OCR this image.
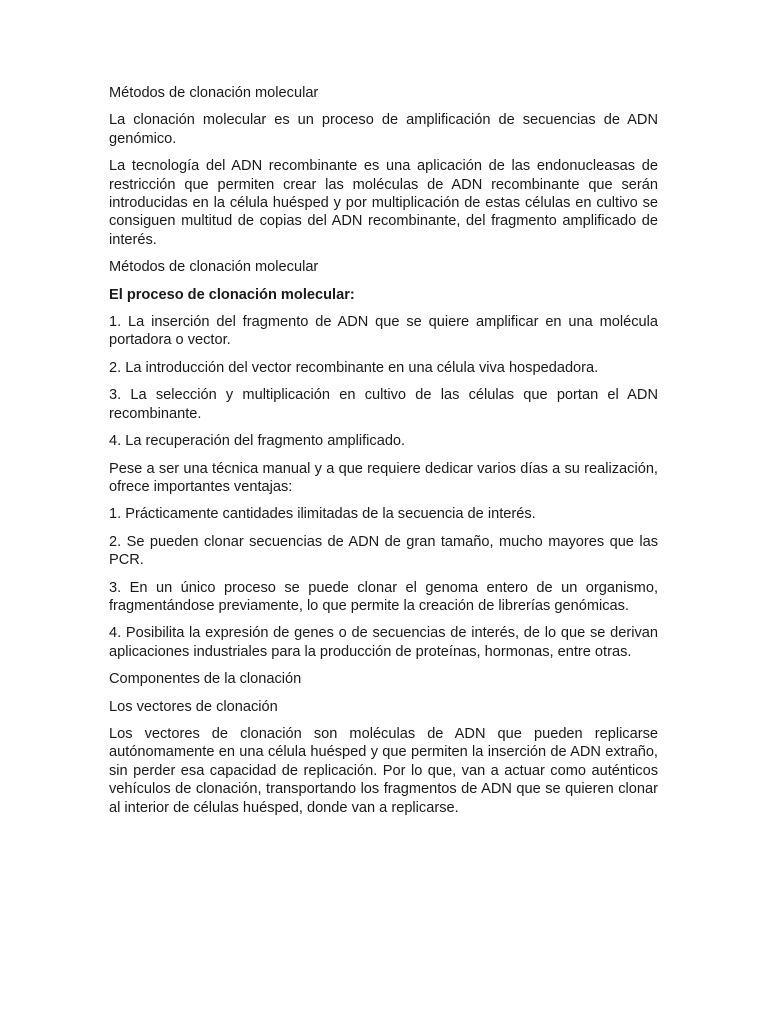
Métodos de clonación molecular

La clonación molecular es un proceso de amplificación de secuencias de ADN genómico.

La tecnología del ADN recombinante es una aplicación de las endonucleasas de restricción que permiten crear las moléculas de ADN recombinante que serán introducidas en la célula huésped y por multiplicación de estas células en cultivo se consiguen multitud de copias del ADN recombinante, del fragmento amplificado de interés.

Métodos de clonación molecular

El proceso de clonación molecular:

1. La inserción del fragmento de ADN que se quiere amplificar en una molécula portadora o vector.

2. La introducción del vector recombinante en una célula viva hospedadora.

3. La selección y multiplicación en cultivo de las células que portan el ADN recombinante.

4. La recuperación del fragmento amplificado.

Pese a ser una técnica manual y a que requiere dedicar varios días a su realización, ofrece importantes ventajas:

1. Prácticamente cantidades ilimitadas de la secuencia de interés.

2. Se pueden clonar secuencias de ADN de gran tamaño, mucho mayores que las PCR.

3. En un único proceso se puede clonar el genoma entero de un organismo, fragmentándose previamente, lo que permite la creación de librerías genómicas.

4. Posibilita la expresión de genes o de secuencias de interés, de lo que se derivan aplicaciones industriales para la producción de proteínas, hormonas, entre otras.

Componentes de la clonación

Los vectores de clonación

Los vectores de clonación son moléculas de ADN que pueden replicarse autónomamente en una célula huésped y que permiten la inserción de ADN extraño, sin perder esa capacidad de replicación. Por lo que, van a actuar como auténticos vehículos de clonación, transportando los fragmentos de ADN que se quieren clonar al interior de células huésped, donde van a replicarse.
